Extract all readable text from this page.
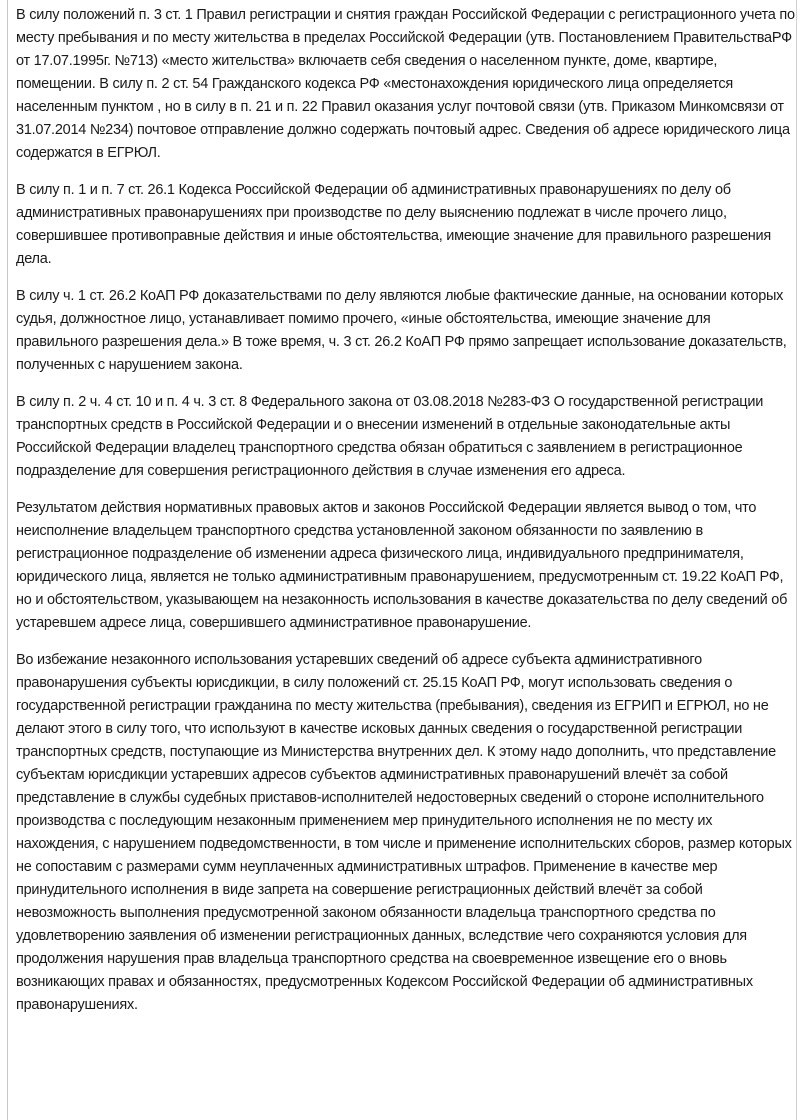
В силу положений п. 3 ст. 1 Правил регистрации и снятия граждан Российской Федерации с регистрационного учета по месту пребывания и по месту жительства в пределах Российской Федерации (утв. Постановлением ПравительстваРФ от 17.07.1995г. №713) «место жительства» включаетв себя сведения о населенном пункте, доме, квартире, помещении. В силу п. 2 ст. 54 Гражданского кодекса РФ «местонахождения юридического лица определяется населенным пунктом , но в силу в п. 21 и п. 22 Правил оказания услуг почтовой связи (утв. Приказом Минкомсвязи от 31.07.2014 №234) почтовое отправление должно содержать почтовый адрес. Сведения об адресе юридического лица содержатся в ЕГРЮЛ.

В силу п. 1 и п. 7 ст. 26.1 Кодекса Российской Федерации об административных правонарушениях по делу об административных правонарушениях при производстве по делу выяснению подлежат в числе прочего лицо, совершившее противоправные действия и иные обстоятельства, имеющие значение для правильного разрешения дела.

В силу ч. 1 ст. 26.2 КоАП РФ доказательствами по делу являются любые фактические данные, на основании которых судья, должностное лицо, устанавливает помимо прочего, «иные обстоятельства, имеющие значение для правильного разрешения дела.» В тоже время, ч. 3 ст. 26.2 КоАП РФ прямо запрещает использование доказательств, полученных с нарушением закона.

В силу п. 2 ч. 4 ст. 10 и п. 4 ч. 3 ст. 8 Федерального закона от 03.08.2018 №283-ФЗ О государственной регистрации транспортных средств в Российской Федерации и о внесении изменений в отдельные законодательные акты Российской Федерации владелец транспортного средства обязан обратиться с заявлением в регистрационное подразделение для совершения регистрационного действия в случае изменения его адреса.

Результатом действия нормативных правовых актов и законов Российской Федерации является вывод о том, что неисполнение владельцем транспортного средства установленной законом обязанности по заявлению в регистрационное подразделение об изменении адреса физического лица, индивидуального предпринимателя, юридического лица, является не только административным правонарушением, предусмотренным ст. 19.22 КоАП РФ, но и обстоятельством, указывающем на незаконность использования в качестве доказательства по делу сведений об устаревшем адресе лица, совершившего административное правонарушение.

Во избежание незаконного использования устаревших сведений об адресе субъекта административного правонарушения субъекты юрисдикции, в силу положений ст. 25.15 КоАП РФ, могут использовать сведения о государственной регистрации гражданина по месту жительства (пребывания), сведения из ЕГРИП и ЕГРЮЛ, но не делают этого в силу того, что используют в качестве исковых данных сведения о государственной регистрации транспортных средств, поступающие из Министерства внутренних дел. К этому надо дополнить, что представление субъектам юрисдикции устаревших адресов субъектов административных правонарушений влечёт за собой представление в службы судебных приставов-исполнителей недостоверных сведений о стороне исполнительного производства с последующим незаконным применением мер принудительного исполнения не по месту их нахождения, с нарушением подведомственности, в том числе и применение исполнительских сборов, размер которых не сопоставим с размерами сумм неуплаченных административных штрафов. Применение в качестве мер принудительного исполнения в виде запрета на совершение регистрационных действий влечёт за собой невозможность выполнения предусмотренной законом обязанности владельца транспортного средства по удовлетворению заявления об изменении регистрационных данных, вследствие чего сохраняются условия для продолжения нарушения прав владельца транспортного средства на своевременное извещение его о вновь возникающих правах и обязанностях, предусмотренных Кодексом Российской Федерации об административных правонарушениях.
